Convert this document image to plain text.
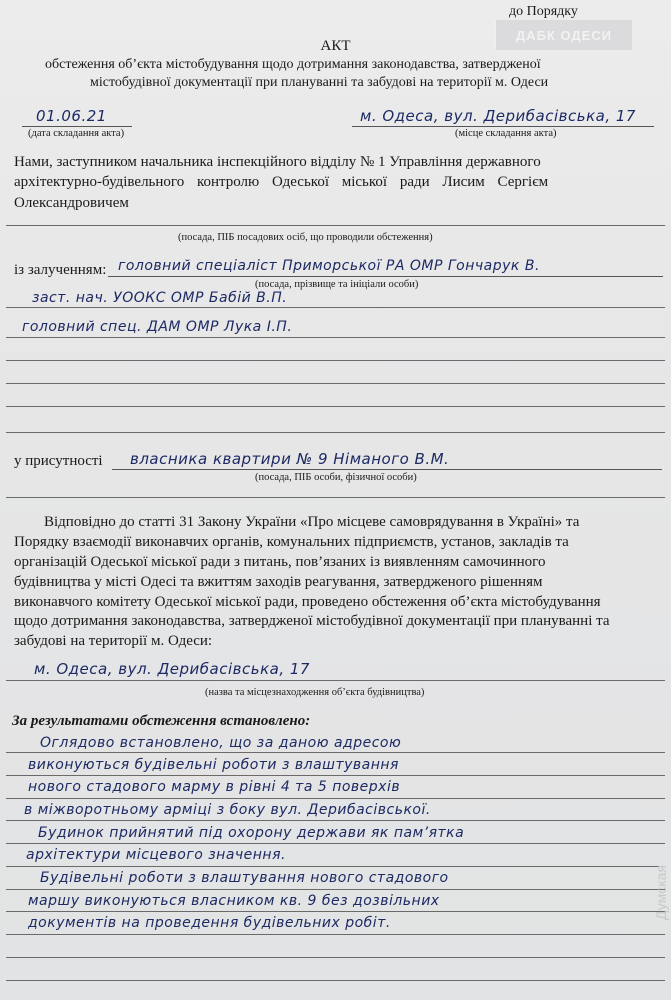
до Порядку
ДАБК ОДЕСИ
АКТ
обстеження об’єкта містобудування щодо дотримання законодавства, затвердженої
містобудівної документації при плануванні та забудові на території м. Одеси
01.06.21
(дата складання акта)
м. Одеса, вул. Дерибасівська, 17
(місце складання акта)
Нами, заступником начальника інспекційного відділу № 1 Управління державного
архітектурно-будівельного контролю Одеської міської ради Лисим Сергієм
Олександровичем
(посада, ПІБ посадових осіб, що проводили обстеження)
із залученням: головний спеціаліст Приморської РА ОМР Гончарук В.
(посада, прізвище та ініціали особи)
заст. нач. УООКС ОМР Бабій В.П.
головний спец. ДАМ ОМР Лука І.П.
у присутності власника квартири № 9 Німаного В.М.
(посада, ПІБ особи, фізичної особи)
Відповідно до статті 31 Закону України «Про місцеве самоврядування в Україні» та
Порядку взаємодії виконавчих органів, комунальних підприємств, установ, закладів та
організацій Одеської міської ради з питань, пов’язаних із виявленням самочинного
будівництва у місті Одесі та вжиттям заходів реагування, затвердженого рішенням
виконавчого комітету Одеської міської ради, проведено обстеження об’єкта містобудування
щодо дотримання законодавства, затвердженої містобудівної документації при плануванні та
забудові на території м. Одеси:
м. Одеса, вул. Дерибасівська, 17
(назва та місцезнаходження об’єкта будівництва)
За результатами обстеження встановлено:
Оглядово встановлено, що за даною адресою
виконуються будівельні роботи з влаштування
нового стадового марму в рівні 4 та 5 поверхів
в міжворотньому арміці з боку вул. Дерибасівської.
Будинок прийнятий під охорону держави як пам’ятка
архітектури місцевого значення.
Будівельні роботи з влаштування нового стадового
маршу виконуються власником кв. 9 без дозвільних
документів на проведення будівельних робіт.
Думская
